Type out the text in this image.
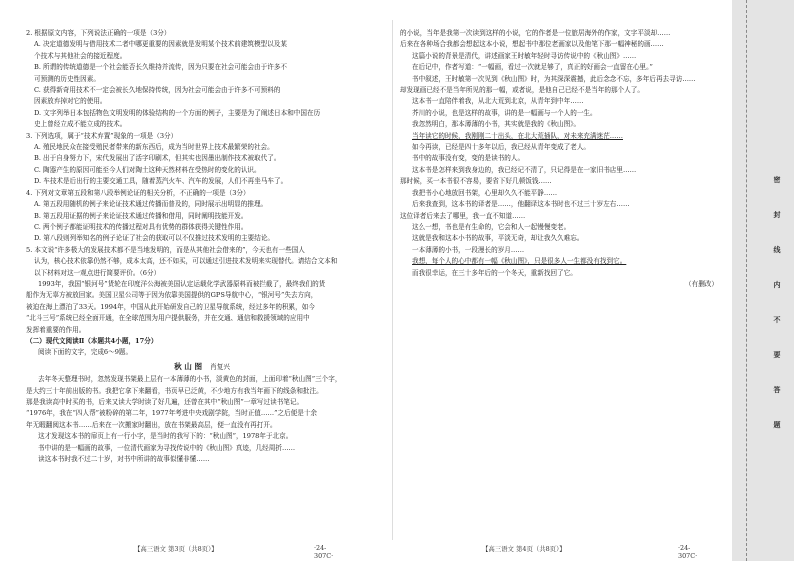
2. 根据原文内容，下列说法正确的一项是（3分）
A. 决定道德发明与借用技术二者中哪更重要的因素就是发明某个技术前建筑模型以及某
个技术与其他社会的接近程度。
B. 所谓的传统道德是一个社会能否长久维持并流传，因为只要在社会可能会由于许多不
可预测的历史性因素。
C. 获得新奇用技术不一定会被长久地保持传统，因为社会可能会由于许多不可预料的
因素放弃掉对它的使用。
D. 文字列举日本包括物色文明发明的体验结构的一个方面的例子，主要是为了阐述日本和中国在历
史上曾经立成不能立成的技术。
3. 下列选项，属于“技术弃置”现象的一项是（3分）
A. 殖民地民众在接受殖民者带来的新东西后，成为当时世界上技术最繁荣的社会。
B. 出于自身努力下，宋代发展出了活字印刷术，但其实也因墨出制作技术被取代了。
C. 陶器产生的原因可能至今人们对陶土这种天然材料在受热时的变化的认识。
D. 车技术是后出行的主要交通工具，随着蒸汽火车、汽车的发展，人们不再坐马车了。
4. 下列对文章第五段和第八段举例论证的相关分析，不正确的一项是（3分）
A. 第五段用随机的例子来论证技术通过传播而普及的，同时展示出明显的推理。
B. 第五段用证据的例子来论证技术通过传播和借用，同时阐明技能开发。
C. 两个例子都能证明技术的传播过程对具有优势的群体获得关键性作用。
D. 第八段则列举知名的例子论证了社会的获取可以不仅推过技术发明的主要结论。
5. 本文说“许多极大的发展技术都不是当地发明的，而是从其他社会借来的”，今天也有一些国人
认为，核心技术依靠仍然不够，成本太高，还不如买，可以通过引进技术发明来实现替代。请结合文本和
以下材料对这一观点进行简要评价。（6分）
1993年，我国“银河号”货轮在印度洋公海被美国认定运载化学武器原料而被拦截了，最终我们的货
船作为无辜方被放回家。美国卫星公司等于因为依靠美国提供的GPS导航中心，“银河号”失去方向，
被迫在海上漂泊了33天。1994年，中国从此开始研发自己的卫星导航系统，经过多年的积累，如今
“北斗三号”系统已经全面开通，在全球范围为用户提供服务，并在交通、通信和救援领域的应用中
发挥着重要的作用。
（二）现代文阅读Ⅱ（本题共4小题，17分）
阅读下面的文字，完成6～9题。
秋 山 图 肖复兴
去年冬天整理书时，忽然发现书架最上层有一本薄薄的小书，淡黄色的封面，上面印着“秋山图”三个字，
是大约三十年前出版的书。我把它拿下来翻看，书页早已泛黄，不少地方有我当年画下的线条和批注。
那是我读高中时买的书，后来又读大学时读了好几遍，还曾在其中“秋山图”一章写过读书笔记。
“1976年，我在“四人帮”被粉碎的第二年，1977年考进中央戏剧学院，当时正值……”之后便是十余
年无暇翻阅这本书……后来在一次搬家时翻出，放在书架最高层，便一直没有再打开。
这才发现这本书的扉页上有一行小字，是当时的我写下的：“秋山图”，1978年于北京。
书中讲的是一幅画的故事，一位清代画家为寻找传说中的《秋山图》真迹，几经周折……
读这本书时我不过二十岁，对书中所讲的故事似懂非懂……
【高三语文 第3页（共8页）】	·24-307C·
的小说，当年是我第一次读到这样的小说，它的作者是一位旅居海外的作家，文字平淡却……
后来在各种场合我都会想起这本小说，想起书中那位老画家以及他笔下那一幅神秘的画……
这篇小说的背景是清代，讲述画家王时敏年轻时寻访传说中的《秋山图》……
在后记中，作者写道：“一幅画，看过一次就足够了，真正的好画会一直留在心里。”
书中叙述，王时敏第一次见到《秋山图》时，为其深深震撼，此后念念不忘，多年后再去寻访……
却发现画已经不是当年所见的那一幅，或者说，是他自己已经不是当年的那个人了。
这本书一直陪伴着我，从北大荒到北京，从青年到中年……
芥川的小说，也是这样的故事，讲的是一幅画与一个人的一生。
我忽然明白，那本薄薄的小书，其实就是我的《秋山图》。
当年读它的时候，我刚刚二十出头，在北大荒插队，对未来充满迷茫……
如今再读，已经是四十多年以后，我已经从青年变成了老人。
书中的故事没有变，变的是读书的人。
这本书是怎样来到我身边的，我已经记不清了，只记得是在一家旧书店里……
那时候，买一本书很不容易，要省下好几顿饭钱……
我把书小心地放回书架，心里却久久不能平静……
后来我查到，这本书的译者是……，他翻译这本书时也不过三十岁左右……
这位译者后来去了哪里，我一直不知道……
这么一想，书也是有生命的，它会和人一起慢慢变老。
这就是我和这本小书的故事，平淡无奇，却让我久久难忘。
一本薄薄的小书，一段漫长的岁月……
我想，每个人的心中都有一幅《秋山图》，只是很多人一生都没有找到它。
而我很幸运，在三十多年后的一个冬天，重新找回了它。
（有删改）
【高三语文 第4页（共8页）】	·24-307C·
密
封
线
内
不
要
答
题
